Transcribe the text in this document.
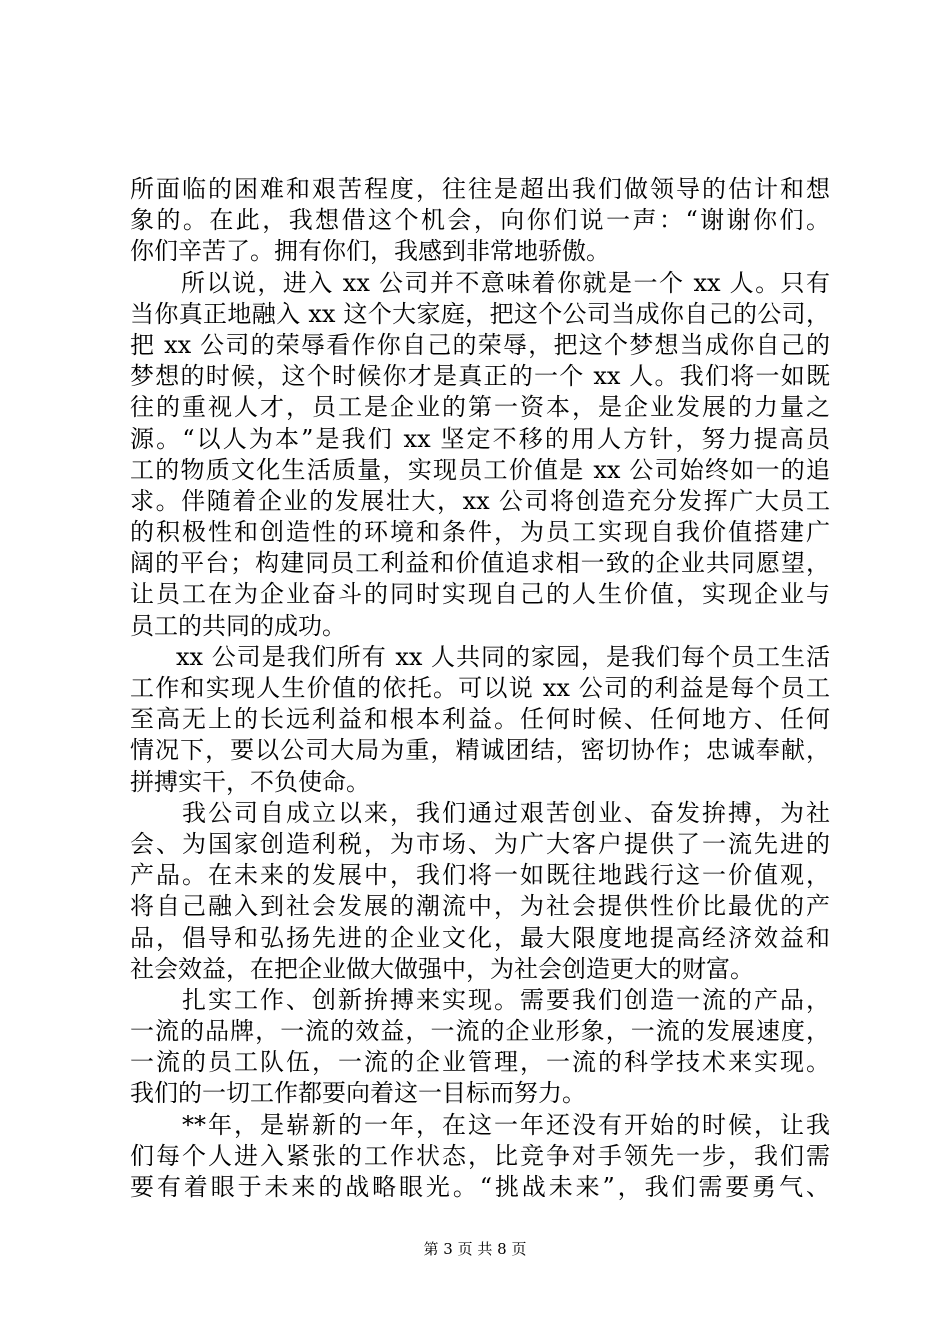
所面临的困难和艰苦程度，往往是超出我们做领导的估计和想
象的。在此，我想借这个机会，向你们说一声：“谢谢你们。
你们辛苦了。拥有你们，我感到非常地骄傲。
所以说，进入 xx 公司并不意味着你就是一个 xx 人。只有
当你真正地融入 xx 这个大家庭，把这个公司当成你自己的公司，
把 xx 公司的荣辱看作你自己的荣辱，把这个梦想当成你自己的
梦想的时候，这个时候你才是真正的一个 xx 人。我们将一如既
往的重视人才，员工是企业的第一资本，是企业发展的力量之
源。“以人为本”是我们 xx 坚定不移的用人方针，努力提高员
工的物质文化生活质量，实现员工价值是 xx 公司始终如一的追
求。伴随着企业的发展壮大，xx 公司将创造充分发挥广大员工
的积极性和创造性的环境和条件，为员工实现自我价值搭建广
阔的平台；构建同员工利益和价值追求相一致的企业共同愿望，
让员工在为企业奋斗的同时实现自己的人生价值，实现企业与
员工的共同的成功。
xx 公司是我们所有 xx 人共同的家园，是我们每个员工生活
工作和实现人生价值的依托。可以说 xx 公司的利益是每个员工
至高无上的长远利益和根本利益。任何时候、任何地方、任何
情况下，要以公司大局为重，精诚团结，密切协作；忠诚奉献，
拼搏实干，不负使命。
我公司自成立以来，我们通过艰苦创业、奋发拚搏，为社
会、为国家创造利税，为市场、为广大客户提供了一流先进的
产品。在未来的发展中，我们将一如既往地践行这一价值观，
将自己融入到社会发展的潮流中，为社会提供性价比最优的产
品，倡导和弘扬先进的企业文化，最大限度地提高经济效益和
社会效益，在把企业做大做强中，为社会创造更大的财富。
扎实工作、创新拚搏来实现。需要我们创造一流的产品，
一流的品牌，一流的效益，一流的企业形象，一流的发展速度，
一流的员工队伍，一流的企业管理，一流的科学技术来实现。
我们的一切工作都要向着这一目标而努力。
**年，是崭新的一年，在这一年还没有开始的时候，让我
们每个人进入紧张的工作状态，比竞争对手领先一步，我们需
要有着眼于未来的战略眼光。“挑战未来”，我们需要勇气、
第 3 页 共 8 页
